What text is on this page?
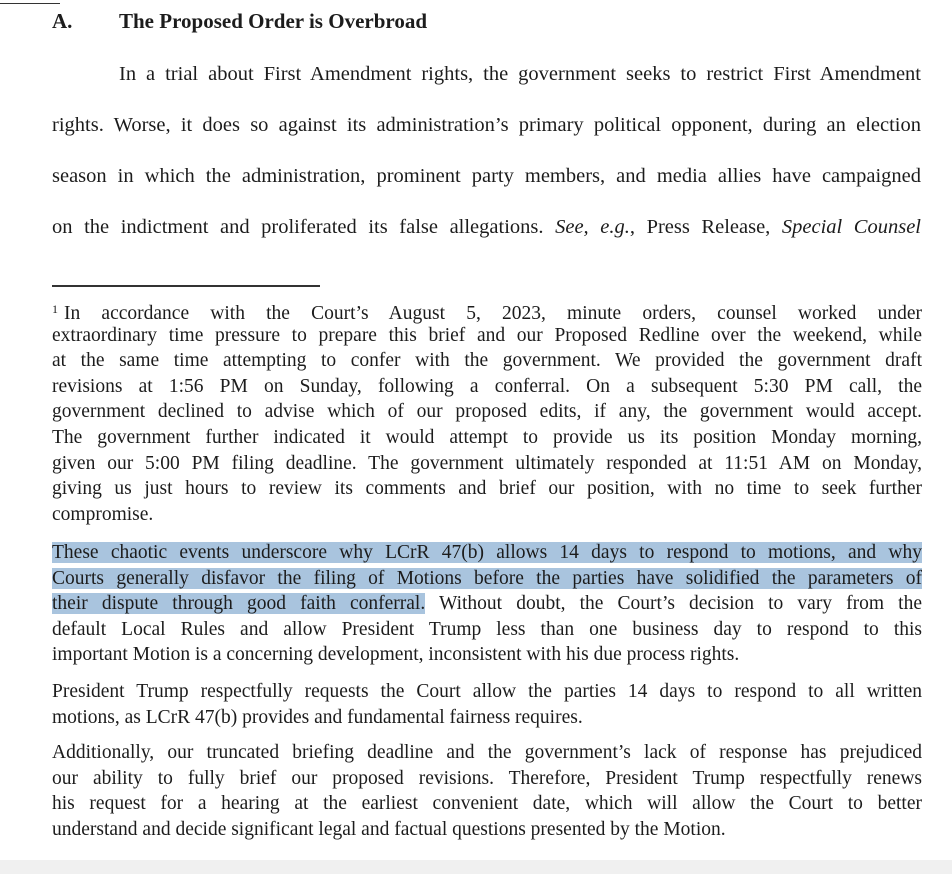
A. The Proposed Order is Overbroad
In a trial about First Amendment rights, the government seeks to restrict First Amendment
rights. Worse, it does so against its administration’s primary political opponent, during an election
season in which the administration, prominent party members, and media allies have campaigned
on the indictment and proliferated its false allegations. See, e.g., Press Release, Special Counsel
$^1$ In accordance with the Court’s August 5, 2023, minute orders, counsel worked under
extraordinary time pressure to prepare this brief and our Proposed Redline over the weekend, while
at the same time attempting to confer with the government. We provided the government draft
revisions at 1:56 PM on Sunday, following a conferral. On a subsequent 5:30 PM call, the
government declined to advise which of our proposed edits, if any, the government would accept.
The government further indicated it would attempt to provide us its position Monday morning,
given our 5:00 PM filing deadline. The government ultimately responded at 11:51 AM on Monday,
giving us just hours to review its comments and brief our position, with no time to seek further
compromise.
These chaotic events underscore why LCrR 47(b) allows 14 days to respond to motions, and why
Courts generally disfavor the filing of Motions before the parties have solidified the parameters of
their dispute through good faith conferral. Without doubt, the Court’s decision to vary from the
default Local Rules and allow President Trump less than one business day to respond to this
important Motion is a concerning development, inconsistent with his due process rights.
President Trump respectfully requests the Court allow the parties 14 days to respond to all written
motions, as LCrR 47(b) provides and fundamental fairness requires.
Additionally, our truncated briefing deadline and the government’s lack of response has prejudiced
our ability to fully brief our proposed revisions. Therefore, President Trump respectfully renews
his request for a hearing at the earliest convenient date, which will allow the Court to better
understand and decide significant legal and factual questions presented by the Motion.
